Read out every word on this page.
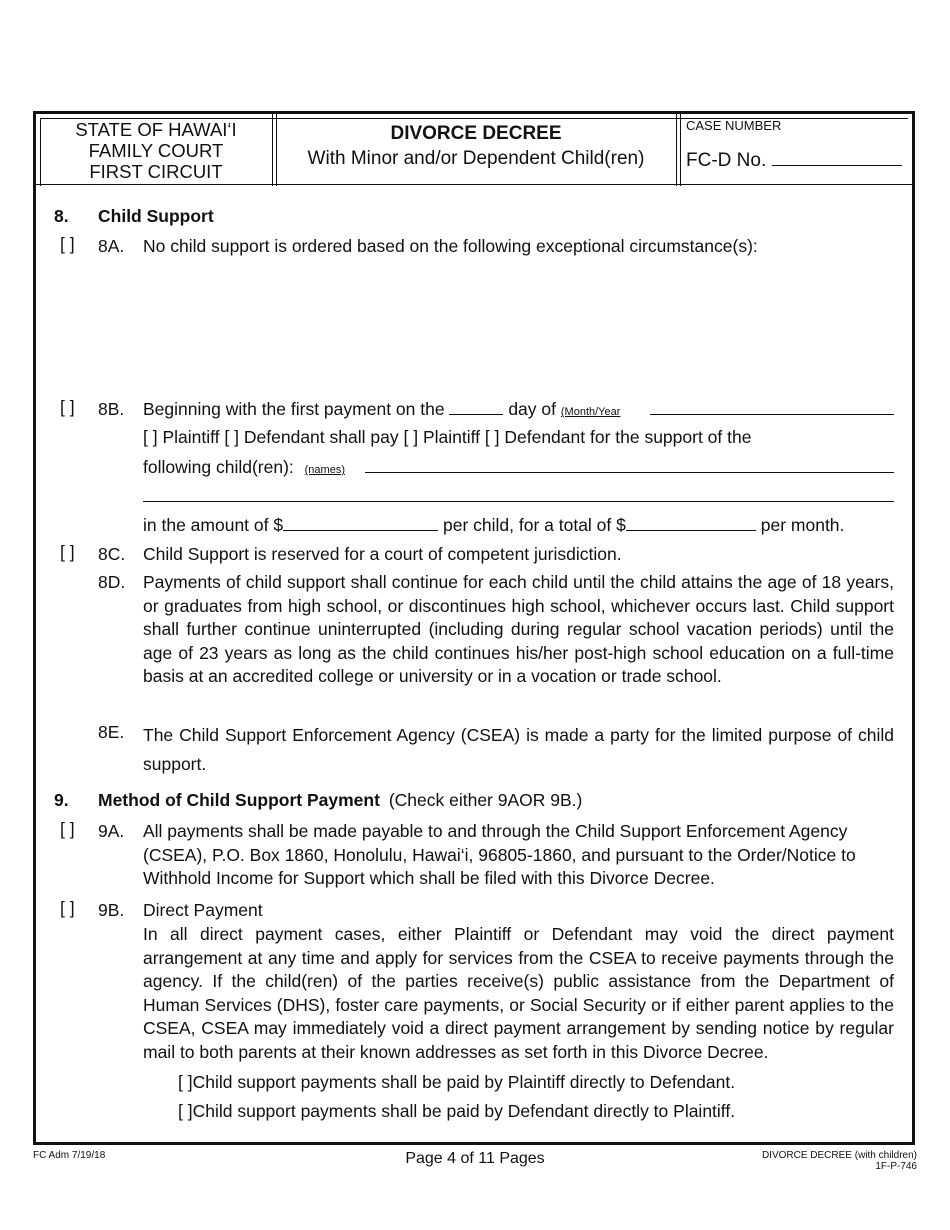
STATE OF HAWAI‘I
FAMILY COURT
FIRST CIRCUIT
DIVORCE DECREE
With Minor and/or Dependent Child(ren)
CASE NUMBER
FC-D No.
8. Child Support
[ ] 8A. No child support is ordered based on the following exceptional circumstance(s):
[ ] 8B. Beginning with the first payment on the	day of (Month/Year
[ ] Plaintiff [ ] Defendant shall pay [ ] Plaintiff [ ] Defendant for the support of the
following child(ren): (names)
in the amount of $	per child, for a total of $	per month.
[ ] 8C. Child Support is reserved for a court of competent jurisdiction.
8D. Payments of child support shall continue for each child until the child attains the age of 18 years, or graduates from high school, or discontinues high school, whichever occurs last. Child support shall further continue uninterrupted (including during regular school vacation periods) until the age of 23 years as long as the child continues his/her post-high school education on a full-time basis at an accredited college or university or in a vocation or trade school.
8E. The Child Support Enforcement Agency (CSEA) is made a party for the limited purpose of child support.
9. Method of Child Support Payment (Check either 9AOR 9B.)
[ ] 9A. All payments shall be made payable to and through the Child Support Enforcement Agency (CSEA), P.O. Box 1860, Honolulu, Hawai‘i, 96805-1860, and pursuant to the Order/Notice to Withhold Income for Support which shall be filed with this Divorce Decree.
[ ] 9B. Direct Payment
In all direct payment cases, either Plaintiff or Defendant may void the direct payment arrangement at any time and apply for services from the CSEA to receive payments through the agency. If the child(ren) of the parties receive(s) public assistance from the Department of Human Services (DHS), foster care payments, or Social Security or if either parent applies to the CSEA, CSEA may immediately void a direct payment arrangement by sending notice by regular mail to both parents at their known addresses as set forth in this Divorce Decree.
[ ]Child support payments shall be paid by Plaintiff directly to Defendant.
[ ]Child support payments shall be paid by Defendant directly to Plaintiff.
FC Adm 7/19/18	Page 4 of 11 Pages	DIVORCE DECREE (with children)
1F-P-746
